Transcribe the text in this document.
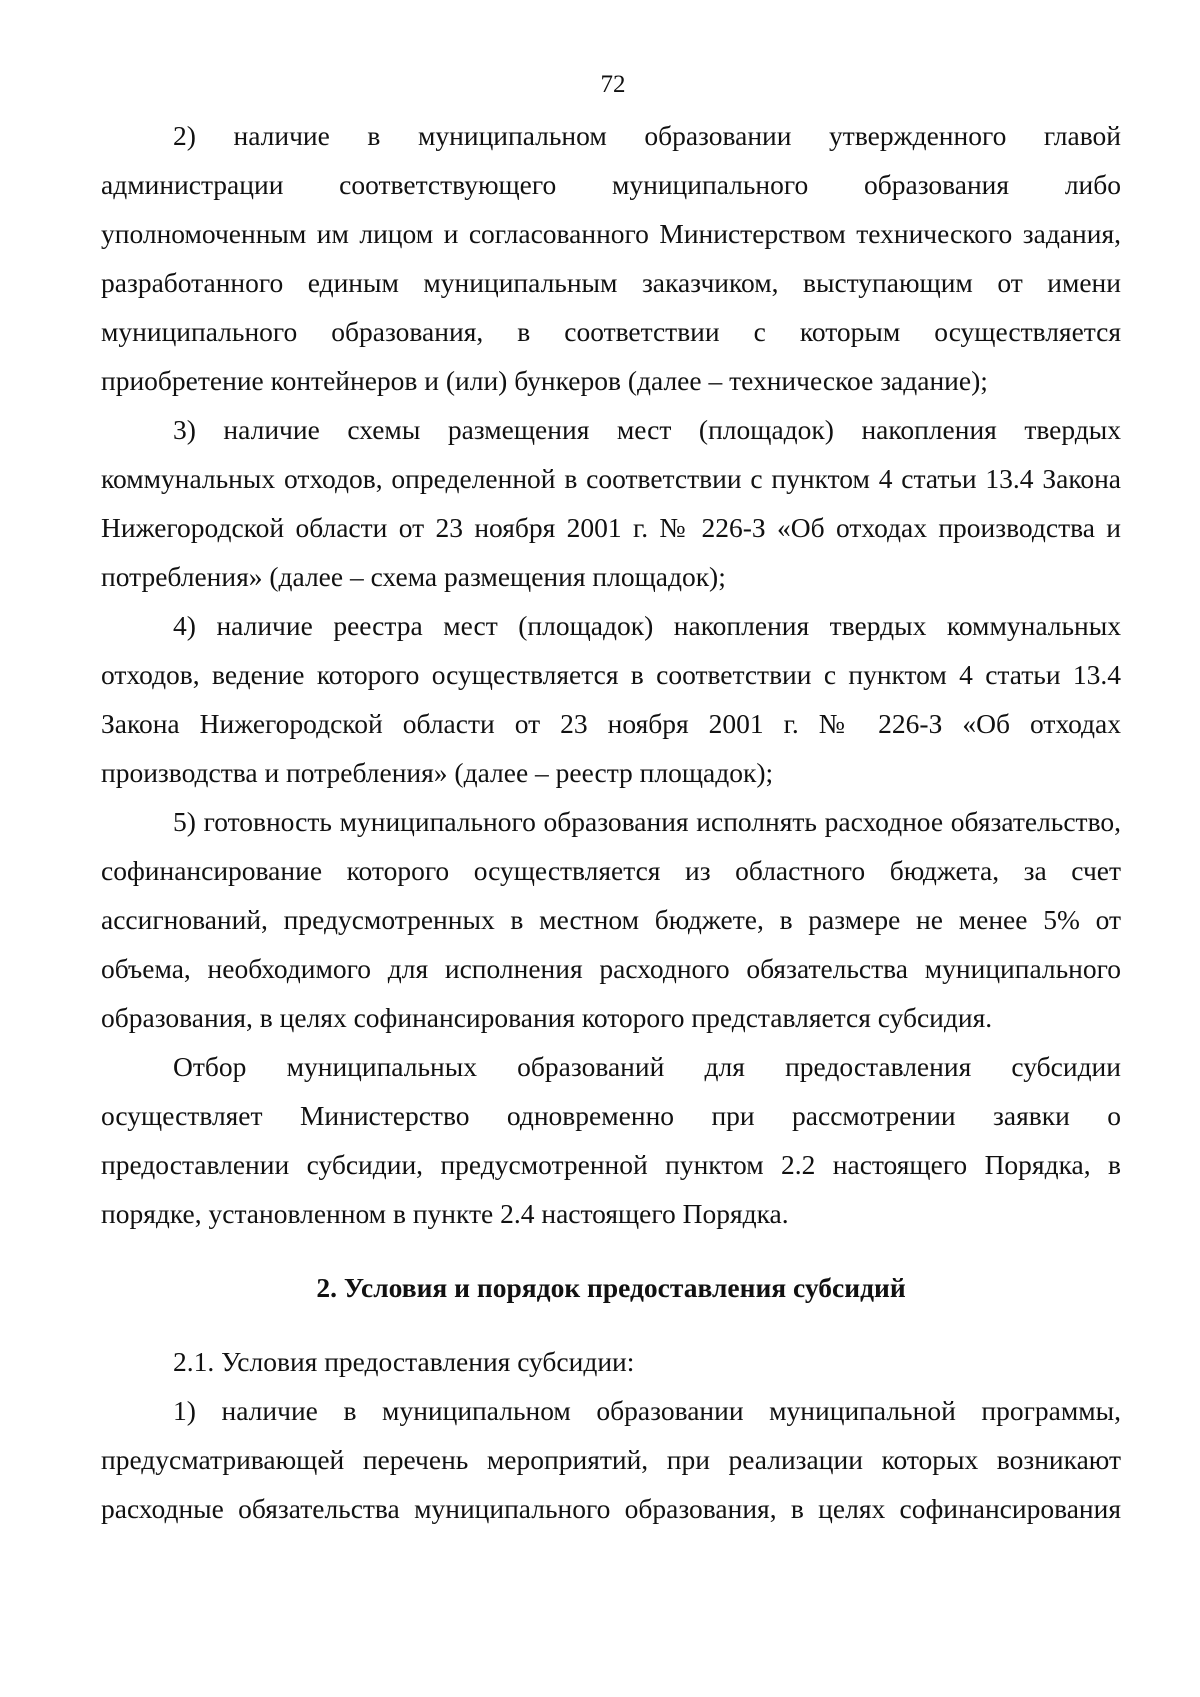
72

2) наличие в муниципальном образовании утвержденного главой администрации соответствующего муниципального образования либо уполномоченным им лицом и согласованного Министерством технического задания, разработанного единым муниципальным заказчиком, выступающим от имени муниципального образования, в соответствии с которым осуществляется приобретение контейнеров и (или) бункеров (далее – техническое задание);

3) наличие схемы размещения мест (площадок) накопления твердых коммунальных отходов, определенной в соответствии с пунктом 4 статьи 13.4 Закона Нижегородской области от 23 ноября 2001 г. № 226-З «Об отходах производства и потребления» (далее – схема размещения площадок);

4) наличие реестра мест (площадок) накопления твердых коммунальных отходов, ведение которого осуществляется в соответствии с пунктом 4 статьи 13.4 Закона Нижегородской области от 23 ноября 2001 г. № 226-З «Об отходах производства и потребления» (далее – реестр площадок);

5) готовность муниципального образования исполнять расходное обязательство, софинансирование которого осуществляется из областного бюджета, за счет ассигнований, предусмотренных в местном бюджете, в размере не менее 5% от объема, необходимого для исполнения расходного обязательства муниципального образования, в целях софинансирования которого представляется субсидия.

Отбор муниципальных образований для предоставления субсидии осуществляет Министерство одновременно при рассмотрении заявки о предоставлении субсидии, предусмотренной пунктом 2.2 настоящего Порядка, в порядке, установленном в пункте 2.4 настоящего Порядка.

2. Условия и порядок предоставления субсидий

2.1. Условия предоставления субсидии:

1) наличие в муниципальном образовании муниципальной программы, предусматривающей перечень мероприятий, при реализации которых возникают расходные обязательства муниципального образования, в целях софинансирования
